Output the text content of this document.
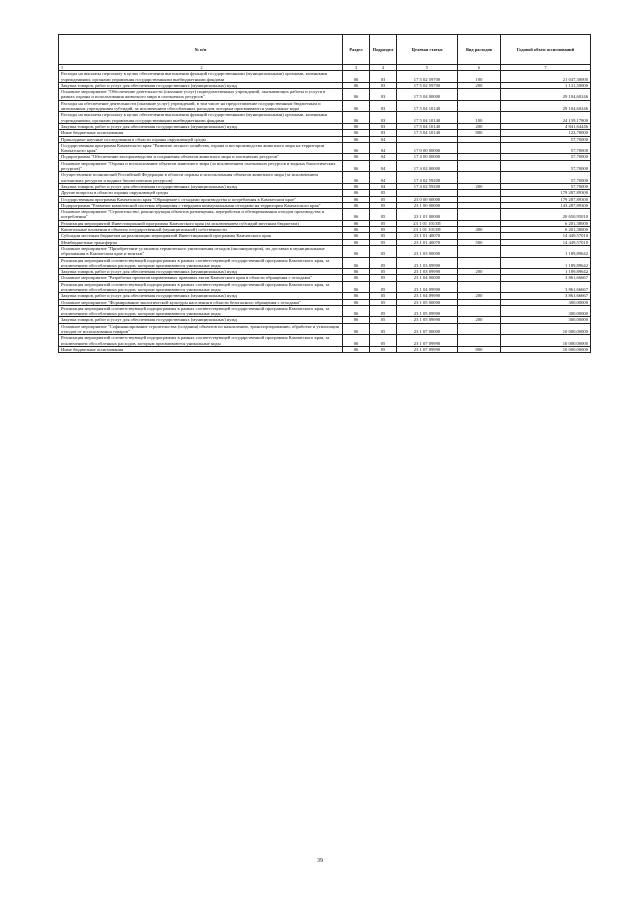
№ п/п	Раздел	Подраздел	Целевая статья	Вид расходов	Годовой объем ассигнований

1 2	3	4	5	6	7
Расходы на выплаты персоналу в целях обеспечения выполнения функций государственными (муниципальными) органами, казенными учреждениями, органами управления государственными внебюджетными фондами	06	03	17 5 02 59700	100	21 047,30000
Закупка товаров, работ и услуг для обеспечения государственных (муниципальных) нужд	06	03	17 5 02 59700	200	1 131,50000
Основное мероприятие "Обеспечение деятельности (оказание услуг) подведомственных учреждений, оказывающих работы и услуги в рамках охраны и использования животного мира и охотничьих ресурсов"	06	03	17 5 04 00000		29 104,60246
Расходы на обеспечение деятельности (оказание услуг) учреждений, в том числе на предоставление государственным бюджетным и автономным учреждениям субсидий, за исключением обособленных расходов, которым присваиваются уникальные коды	06	03	17 5 04 10140		29 104,60246
Расходы на выплаты персоналу в целях обеспечения выполнения функций государственными (муниципальными) органами, казенными учреждениями, органами управления государственными внебюджетными фондами	06	03	17 5 04 10140	100	24 139,17800
Закупка товаров, работ и услуг для обеспечения государственных (муниципальных) нужд	06	03	17 5 04 10140	200	4 841,64446
Иные бюджетные ассигнования	06	03	17 5 04 10140	800	123,78000
Прикладные научные исследования в области охраны окружающей среды	06	04			57,70000
Государственная программа Камчатского края "Развитие лесного хозяйства, охрана и воспроизводство животного мира на территории Камчатского края"	06	04	17 0 00 00000		57,70000
Подпрограмма "Обеспечение воспроизводства и сохранения объектов животного мира и охотничьих ресурсов"	06	04	17 4 00 00000		57,70000
Основное мероприятие "Охрана и использование объектов животного мира (за исключением охотничьих ресурсов и водных биологических ресурсов)"	06	04	17 4 02 00000		57,70000
Осуществление полномочий Российской Федерации в области охраны и использования объектов животного мира (за исключением охотничьих ресурсов и водных биологических ресурсов)	06	04	17 4 02 59200		57,70000
Закупка товаров, работ и услуг для обеспечения государственных (муниципальных) нужд	06	04	17 4 02 59200	200	57,70000
Другие вопросы в области охраны окружающей среды	06	05			179 287,89300
Государственная программа Камчатского края "Обращение с отходами производства и потребления в Камчатском крае"	06	05	23 0 00 00000		179 287,89300
Подпрограмма "Развитие комплексной системы обращения с твердыми коммунальными отходами на территории Камчатского края"	06	05	23 1 00 00000		143 287,89300
Основное мероприятие "Строительство, реконструкция объектов размещения, переработки и обезвреживания отходов производства и потребления"	06	05	23 1 01 00000		20 650,95010
Реализация мероприятий Инвестиционной программы Камчатского края (за исключением субсидий местным бюджетам)	06	05	23 1 01 1013П		6 201,38000
Капитальные вложения в объекты государственной (муниципальной) собственности	06	05	23 1 01 1013П	400	6 201,38000
Субсидии местным бюджетам на реализацию мероприятий Инвестиционной программы Камчатского края	06	05	23 1 01 40070		14 449,57010
Межбюджетные трансферты	06	05	23 1 01 40070	500	14 449,57010
Основное мероприятие "Приобретение установок термического уничтожения отходов (инсинераторов), их доставка в муниципальные образования в Камчатском крае и монтаж"	06	05	23 1 03 00000		1 189,89642
Реализация мероприятий соответствующей подпрограммы в рамках соответствующей государственной программы Камчатского края, за исключением обособленных расходов, которым присваиваются уникальные коды	06	05	23 1 03 09990		1 189,89642
Закупка товаров, работ и услуг для обеспечения государственных (муниципальных) нужд	06	05	23 1 03 09990	200	1 189,89642
Основное мероприятие "Разработка проектов нормативных правовых актов Камчатского края в области обращения с отходами"	06	05	23 1 04 00000		3 861,66667
Реализация мероприятий соответствующей подпрограммы в рамках соответствующей государственной программы Камчатского края, за исключением обособленных расходов, которым присваиваются уникальные коды	06	05	23 1 04 09990		3 861,66667
Закупка товаров, работ и услуг для обеспечения государственных (муниципальных) нужд	06	05	23 1 04 09990	200	3 861,66667
Основное мероприятие "Формирование экологической культуры населения в области безопасного обращения с отходами"	06	05	23 1 05 00000		300,00000
Реализация мероприятий соответствующей подпрограммы в рамках соответствующей государственной программы Камчатского края, за исключением обособленных расходов, которым присваиваются уникальные коды	06	05	23 1 05 09990		300,00000
Закупка товаров, работ и услуг для обеспечения государственных (муниципальных) нужд	06	05	23 1 05 09990	200	300,00000
Основное мероприятие "Софинансирование строительства (создания) объектов по накоплению, транспортированию, обработке и утилизации отходов от использования товаров"	06	05	23 1 07 00000		10 000,00000
Реализация мероприятий соответствующей подпрограммы в рамках соответствующей государственной программы Камчатского края, за исключением обособленных расходов, которым присваиваются уникальные коды	06	05	23 1 07 09990		10 000,00000
Иные бюджетные ассигнования	06	05	23 1 07 09990	800	10 000,00000
39
